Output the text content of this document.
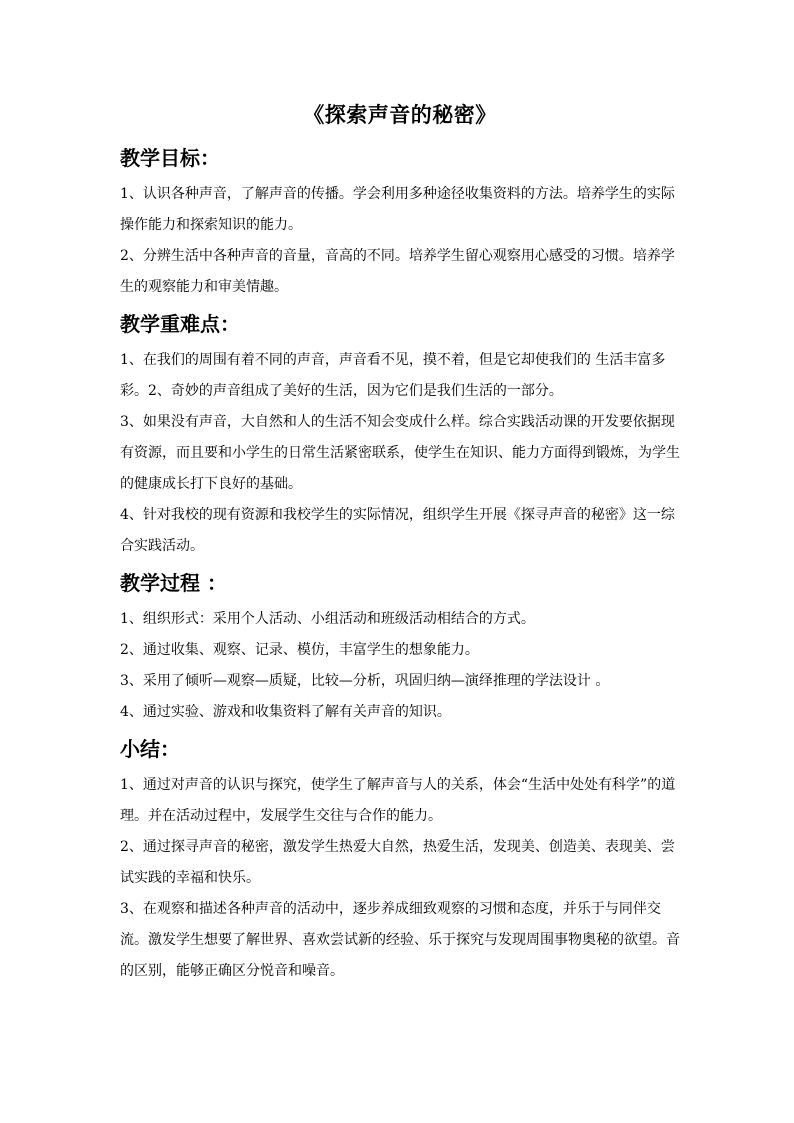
《探索声音的秘密》
教学目标：

1、认识各种声音，了解声音的传播。学会利用多种途径收集资料的方法。培养学生的实际操作能力和探索知识的能力。

2、分辨生活中各种声音的音量，音高的不同。培养学生留心观察用心感受的习惯。培养学生的观察能力和审美情趣。

教学重难点：

1、在我们的周围有着不同的声音，声音看不见，摸不着，但是它却使我们的 生活丰富多彩。2、奇妙的声音组成了美好的生活，因为它们是我们生活的一部分。

3、如果没有声音，大自然和人的生活不知会变成什么样。综合实践活动课的开发要依据现有资源，而且要和小学生的日常生活紧密联系，使学生在知识、能力方面得到锻炼，为学生的健康成长打下良好的基础。

4、针对我校的现有资源和我校学生的实际情况，组织学生开展《探寻声音的秘密》这一综合实践活动。

教学过程 ：

1、组织形式：采用个人活动、小组活动和班级活动相结合的方式。

2、通过收集、观察、记录、模仿，丰富学生的想象能力。

3、采用了倾听—观察—质疑，比较—分析，巩固归纳—演绎推理的学法设计 。

4、通过实验、游戏和收集资料了解有关声音的知识。

小结：

1、通过对声音的认识与探究，使学生了解声音与人的关系，体会“生活中处处有科学”的道理。并在活动过程中，发展学生交往与合作的能力。

2、通过探寻声音的秘密，激发学生热爱大自然，热爱生活，发现美、创造美、表现美、尝试实践的幸福和快乐。

3、在观察和描述各种声音的活动中，逐步养成细致观察的习惯和态度，并乐于与同伴交流。激发学生想要了解世界、喜欢尝试新的经验、乐于探究与发现周围事物奥秘的欲望。音的区别，能够正确区分悦音和噪音。
